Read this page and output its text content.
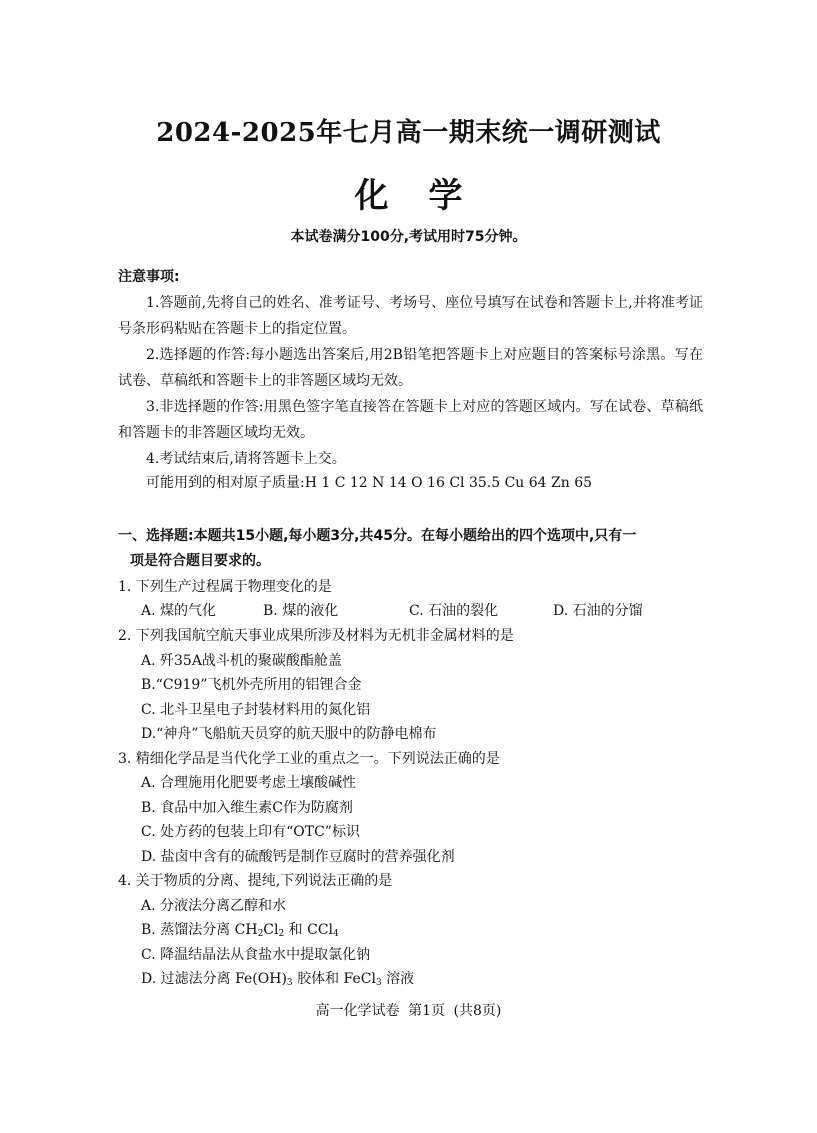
2024-2025年七月高一期末统一调研测试
化学
本试卷满分100分,考试用时75分钟。
注意事项:
1.答题前,先将自己的姓名、准考证号、考场号、座位号填写在试卷和答题卡上,并将准考证号条形码粘贴在答题卡上的指定位置。
2.选择题的作答:每小题选出答案后,用2B铅笔把答题卡上对应题目的答案标号涂黑。写在试卷、草稿纸和答题卡上的非答题区域均无效。
3.非选择题的作答:用黑色签字笔直接答在答题卡上对应的答题区域内。写在试卷、草稿纸和答题卡的非答题区域均无效。
4.考试结束后,请将答题卡上交。
可能用到的相对原子质量:H 1 C 12 N 14 O 16 Cl 35.5 Cu 64 Zn 65
一、选择题:本题共15小题,每小题3分,共45分。在每小题给出的四个选项中,只有一
项是符合题目要求的。
1. 下列生产过程属于物理变化的是
A. 煤的气化	B. 煤的液化	C. 石油的裂化	D. 石油的分馏
2. 下列我国航空航天事业成果所涉及材料为无机非金属材料的是
A. 歼35A战斗机的聚碳酸酯舱盖
B.“C919”飞机外壳所用的铝锂合金
C. 北斗卫星电子封装材料用的氮化铝
D.“神舟”飞船航天员穿的航天服中的防静电棉布
3. 精细化学品是当代化学工业的重点之一。下列说法正确的是
A. 合理施用化肥要考虑土壤酸碱性
B. 食品中加入维生素C作为防腐剂
C. 处方药的包装上印有“OTC”标识
D. 盐卤中含有的硫酸钙是制作豆腐时的营养强化剂
4. 关于物质的分离、提纯,下列说法正确的是
A. 分液法分离乙醇和水
B. 蒸馏法分离 $CH_2Cl_2$ 和 CCl$_4$
C. 降温结晶法从食盐水中提取氯化钠
D. 过滤法分离 $Fe(OH)_3$ 胶体和 FeCl$_3$ 溶液
高一化学试卷 第1页 (共8页)
